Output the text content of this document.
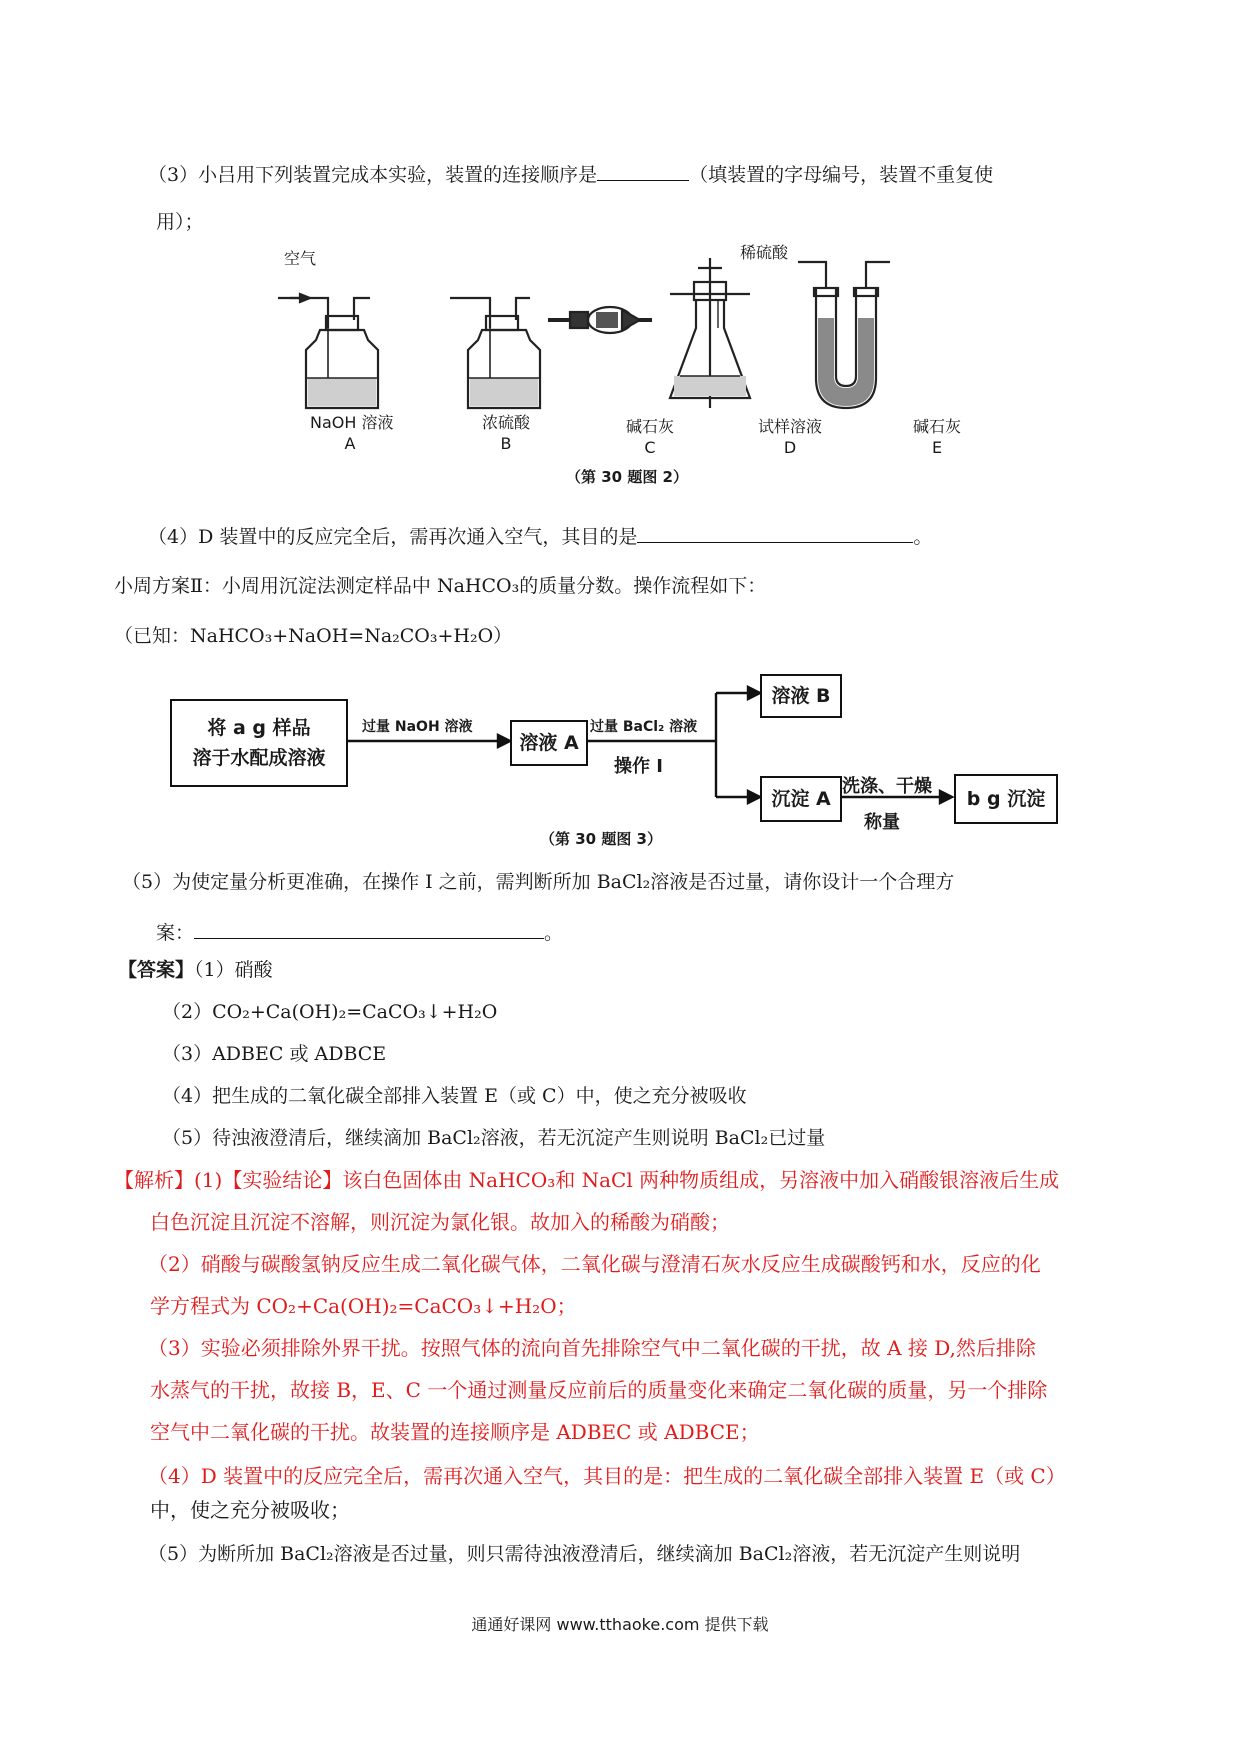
（3）小吕用下列装置完成本实验，装置的连接顺序是	（填装置的字母编号，装置不重复使
用）；
空气	稀硫酸
NaOH 溶液
A
浓硫酸
B
碱石灰
C
试样溶液
D
碱石灰
E
（第 30 题图 2）
（4）D 装置中的反应完全后，需再次通入空气，其目的是	。
小周方案Ⅱ：小周用沉淀法测定样品中 NaHCO₃的质量分数。操作流程如下：
（已知：NaHCO₃+NaOH=Na₂CO₃+H₂O）
将 a g 样品
溶于水配成溶液
过量 NaOH 溶液
溶液 A
过量 BaCl₂ 溶液
操作 I
溶液 B
沉淀 A
洗涤、干燥
称量
b g 沉淀
（第 30 题图 3）
（5）为使定量分析更准确，在操作 I 之前，需判断所加 BaCl₂溶液是否过量，请你设计一个合理方
案：	。
【答案】（1）硝酸
（2）CO₂+Ca(OH)₂=CaCO₃↓+H₂O
（3）ADBEC 或 ADBCE
（4）把生成的二氧化碳全部排入装置 E（或 C）中，使之充分被吸收
（5）待浊液澄清后，继续滴加 BaCl₂溶液，若无沉淀产生则说明 BaCl₂已过量
【解析】(1)【实验结论】该白色固体由 NaHCO₃和 NaCl 两种物质组成，另溶液中加入硝酸银溶液后生成
白色沉淀且沉淀不溶解，则沉淀为氯化银。故加入的稀酸为硝酸；
（2）硝酸与碳酸氢钠反应生成二氧化碳气体，二氧化碳与澄清石灰水反应生成碳酸钙和水，反应的化
学方程式为 CO₂+Ca(OH)₂=CaCO₃↓+H₂O；
（3）实验必须排除外界干扰。按照气体的流向首先排除空气中二氧化碳的干扰，故 A 接 D,然后排除
水蒸气的干扰，故接 B，E、C 一个通过测量反应前后的质量变化来确定二氧化碳的质量，另一个排除
空气中二氧化碳的干扰。故装置的连接顺序是 ADBEC 或 ADBCE；
（4）D 装置中的反应完全后，需再次通入空气，其目的是：把生成的二氧化碳全部排入装置 E（或 C）
中，使之充分被吸收；
（5）为断所加 BaCl₂溶液是否过量，则只需待浊液澄清后，继续滴加 BaCl₂溶液，若无沉淀产生则说明
通通好课网 www.tthaoke.com 提供下载
